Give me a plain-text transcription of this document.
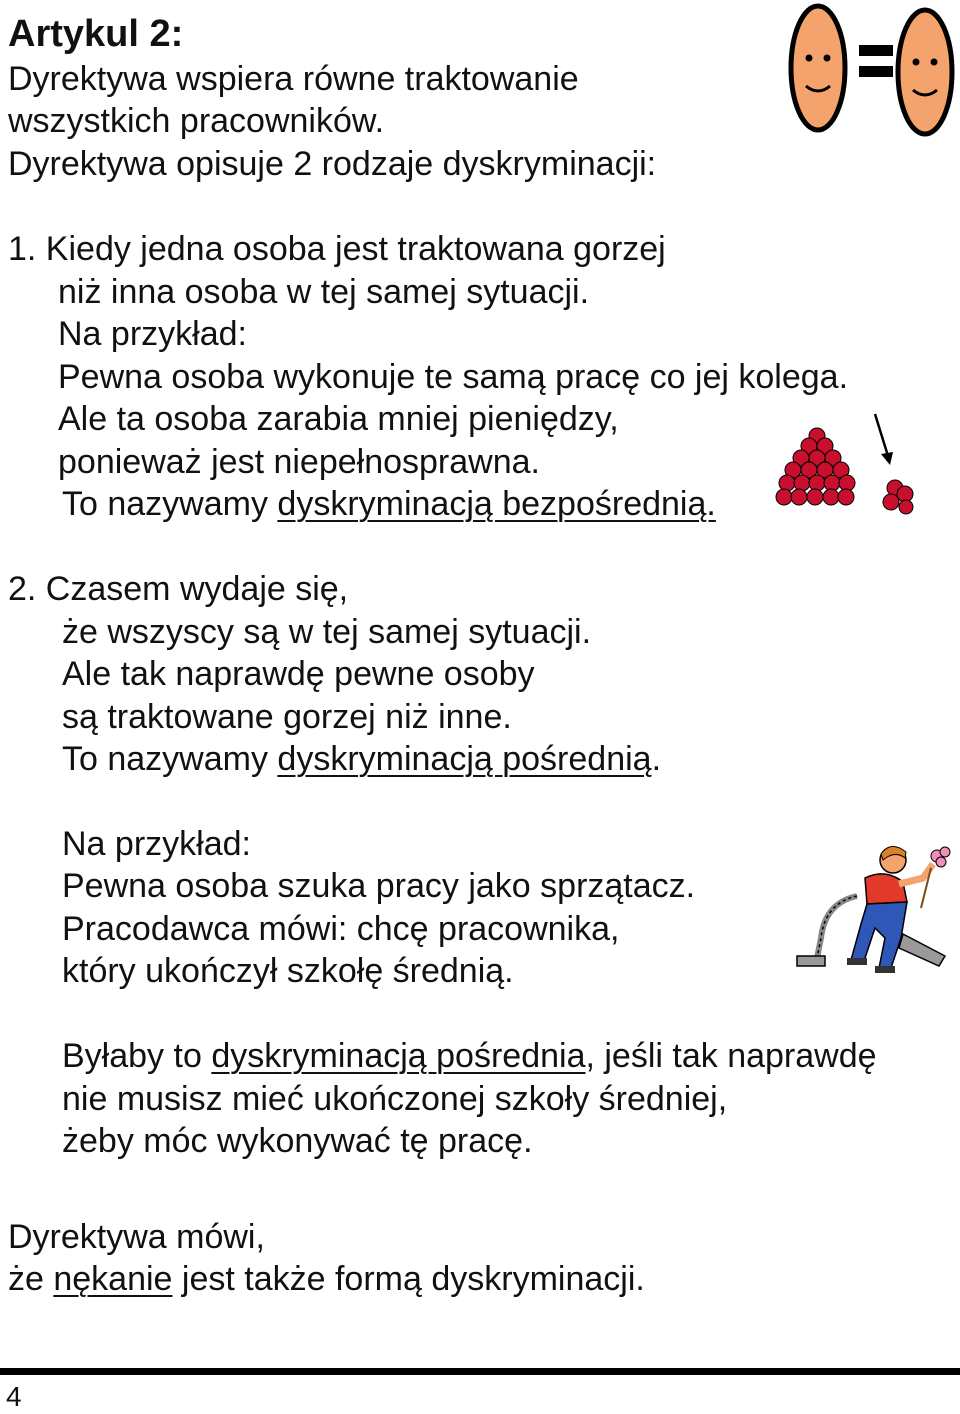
Artykul 2:
Dyrektywa wspiera równe traktowanie
wszystkich pracowników.
Dyrektywa opisuje 2 rodzaje dyskryminacji:
1. Kiedy jedna osoba jest traktowana gorzej
niż inna osoba w tej samej sytuacji.
Na przykład:
Pewna osoba wykonuje te samą pracę co jej kolega.
Ale ta osoba zarabia mniej pieniędzy,
ponieważ jest niepełnosprawna.
To nazywamy dyskryminacją bezpośrednią.
2. Czasem wydaje się,
że wszyscy są w tej samej sytuacji.
Ale tak naprawdę pewne osoby
są traktowane gorzej niż inne.
To nazywamy dyskryminacją pośrednią.
Na przykład:
Pewna osoba szuka pracy jako sprzątacz.
Pracodawca mówi: chcę pracownika,
który ukończył szkołę średnią.
Byłaby to dyskryminacją pośrednia, jeśli tak naprawdę
nie musisz mieć ukończonej szkoły średniej,
żeby móc wykonywać tę pracę.
Dyrektywa mówi,
że nękanie jest także formą dyskryminacji.
4
